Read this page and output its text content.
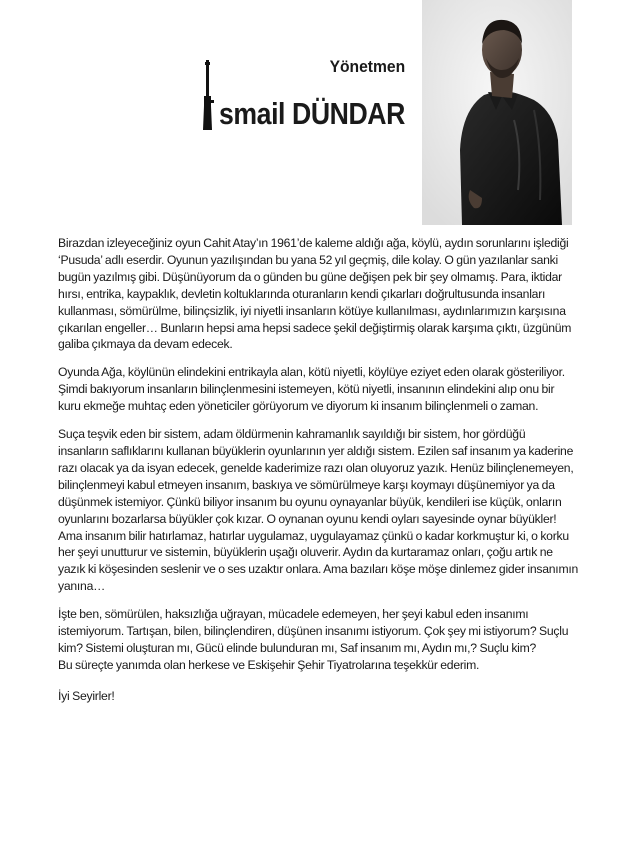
Yönetmen
smail DÜNDAR

Birazdan izleyeceğiniz oyun Cahit Atay’ın 1961’de kaleme aldığı ağa, köylü, aydın sorunlarını işlediği ‘Pusuda’ adlı eserdir. Oyunun yazılışından bu yana 52 yıl geçmiş, dile kolay. O gün yazılanlar sanki bugün yazılmış gibi. Düşünüyorum da o günden bu güne değişen pek bir şey olmamış. Para, iktidar hırsı, entrika, kaypaklık, devletin koltuklarında oturanların kendi çıkarları doğrultusunda insanları kullanması, sömürülme, bilinçsizlik, iyi niyetli insanların kötüye kullanılması, aydınlarımızın karşısına çıkarılan engeller… Bunların hepsi ama hepsi sadece şekil değiştirmiş olarak karşıma çıktı, üzgünüm galiba çıkmaya da devam edecek.

Oyunda Ağa, köylünün elindekini entrikayla alan, kötü niyetli, köylüye eziyet eden olarak gösteriliyor. Şimdi bakıyorum insanların bilinçlenmesini istemeyen, kötü niyetli, insanının elindekini alıp onu bir kuru ekmeğe muhtaç eden yöneticiler görüyorum ve diyorum ki insanım bilinçlenmeli o zaman.

Suça teşvik eden bir sistem, adam öldürmenin kahramanlık sayıldığı bir sistem, hor gördüğü insanların saflıklarını kullanan büyüklerin oyunlarının yer aldığı sistem. Ezilen saf insanım ya kaderine razı olacak ya da isyan edecek, genelde kaderimize razı olan oluyoruz yazık. Henüz bilinçlenemeyen, bilinçlenmeyi kabul etmeyen insanım, baskıya ve sömürülmeye karşı koymayı düşünemiyor ya da düşünmek istemiyor. Çünkü biliyor insanım bu oyunu oynayanlar büyük, kendileri ise küçük, onların oyunlarını bozarlarsa büyükler çok kızar. O oynanan oyunu kendi oyları sayesinde oynar büyükler! Ama insanım bilir hatırlamaz, hatırlar uygulamaz, uygulayamaz çünkü o kadar korkmuştur ki, o korku her şeyi unutturur ve sistemin, büyüklerin uşağı oluverir. Aydın da kurtaramaz onları, çoğu artık ne yazık ki köşesinden seslenir ve o ses uzaktır onlara. Ama bazıları köşe möşe dinlemez gider insanımın yanına…

İşte ben, sömürülen, haksızlığa uğrayan, mücadele edemeyen, her şeyi kabul eden insanımı istemiyorum. Tartışan, bilen, bilinçlendiren, düşünen insanımı istiyorum. Çok şey mi istiyorum? Suçlu kim? Sistemi oluşturan mı, Gücü elinde bulunduran mı, Saf insanım mı, Aydın mı,? Suçlu kim?

Bu süreçte yanımda olan herkese ve Eskişehir Şehir Tiyatrolarına teşekkür ederim.

İyi Seyirler!
